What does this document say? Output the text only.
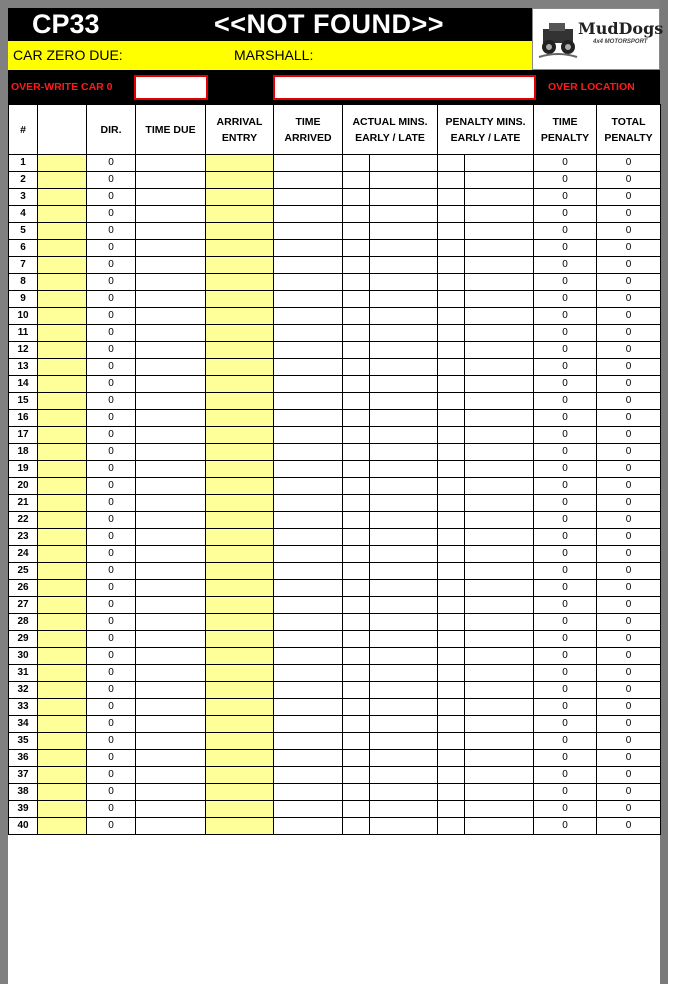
CP33	<<NOT FOUND>>	MudDogs
4x4 MOTORSPORT
CAR ZERO DUE:	MARSHALL:
OVER-WRITE CAR 0	OVER LOCATION
#		DIR.	TIME DUE	ARRIVAL ENTRY	TIME ARRIVED	ACTUAL MINS. EARLY / LATE		PENALTY MINS. EARLY / LATE		TIME PENALTY	TOTAL PENALTY
1		0								0	0
2		0								0	0
3		0								0	0
4		0								0	0
5		0								0	0
6		0								0	0
7		0								0	0
8		0								0	0
9		0								0	0
10		0								0	0
11		0								0	0
12		0								0	0
13		0								0	0
14		0								0	0
15		0								0	0
16		0								0	0
17		0								0	0
18		0								0	0
19		0								0	0
20		0								0	0
21		0								0	0
22		0								0	0
23		0								0	0
24		0								0	0
25		0								0	0
26		0								0	0
27		0								0	0
28		0								0	0
29		0								0	0
30		0								0	0
31		0								0	0
32		0								0	0
33		0								0	0
34		0								0	0
35		0								0	0
36		0								0	0
37		0								0	0
38		0								0	0
39		0								0	0
40		0								0	0
